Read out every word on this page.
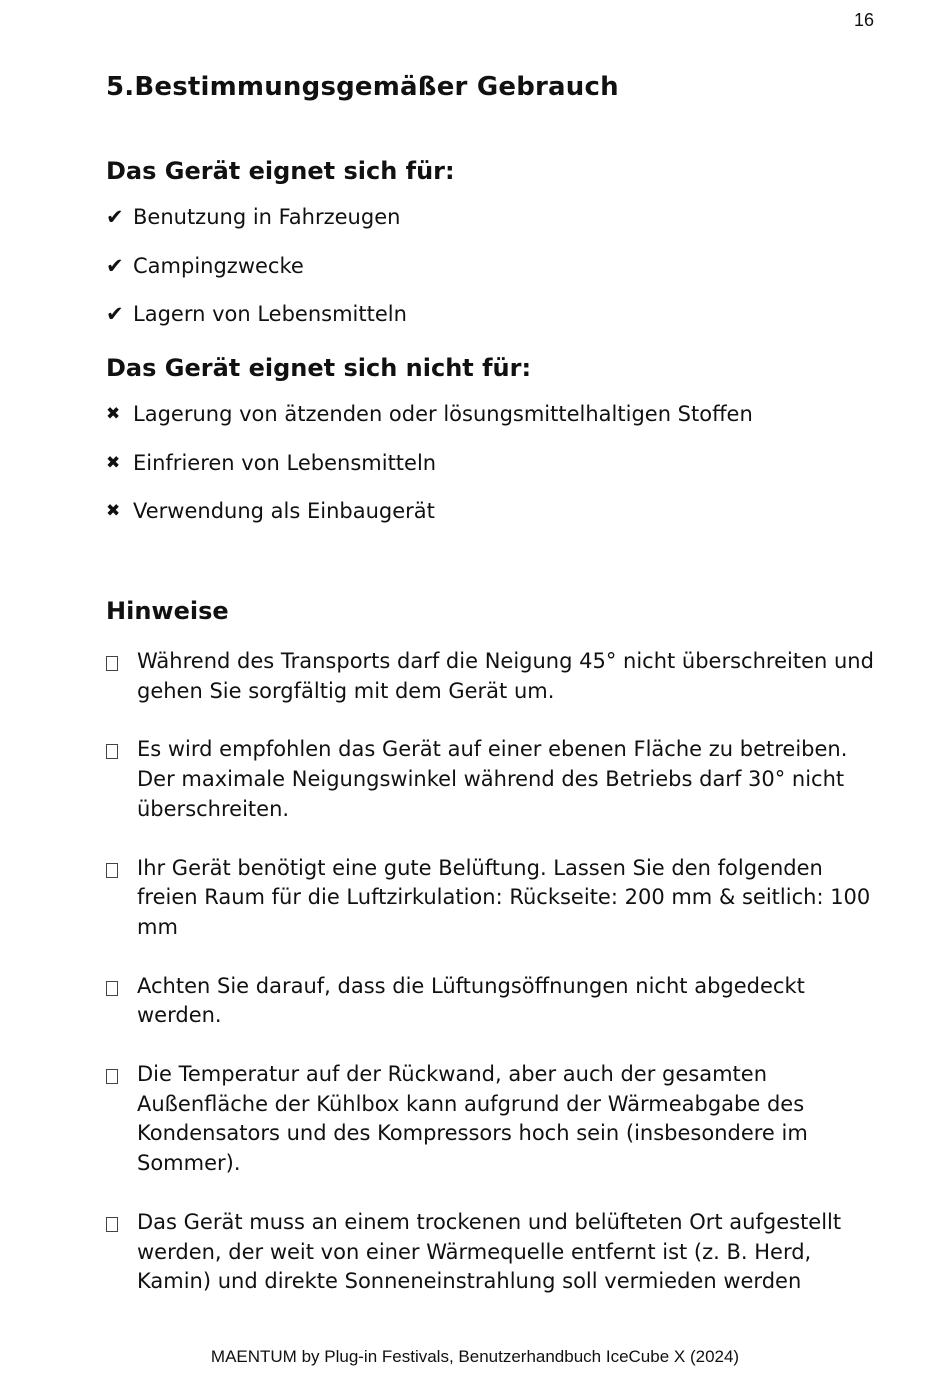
16
5.Bestimmungsgemäßer Gebrauch
Das Gerät eignet sich für:
✔ Benutzung in Fahrzeugen
✔ Campingzwecke
✔ Lagern von Lebensmitteln
Das Gerät eignet sich nicht für:
✖ Lagerung von ätzenden oder lösungsmittelhaltigen Stoffen
✖ Einfrieren von Lebensmitteln
✖ Verwendung als Einbaugerät
Hinweise
Während des Transports darf die Neigung 45° nicht überschreiten und gehen Sie sorgfältig mit dem Gerät um.
Es wird empfohlen das Gerät auf einer ebenen Fläche zu betreiben. Der maximale Neigungswinkel während des Betriebs darf 30° nicht überschreiten.
Ihr Gerät benötigt eine gute Belüftung. Lassen Sie den folgenden freien Raum für die Luftzirkulation: Rückseite: 200 mm & seitlich: 100 mm
Achten Sie darauf, dass die Lüftungsöffnungen nicht abgedeckt werden.
Die Temperatur auf der Rückwand, aber auch der gesamten Außenfläche der Kühlbox kann aufgrund der Wärmeabgabe des Kondensators und des Kompressors hoch sein (insbesondere im Sommer).
Das Gerät muss an einem trockenen und belüfteten Ort aufgestellt werden, der weit von einer Wärmequelle entfernt ist (z. B. Herd, Kamin) und direkte Sonneneinstrahlung soll vermieden werden
MAENTUM by Plug-in Festivals, Benutzerhandbuch IceCube X (2024)
